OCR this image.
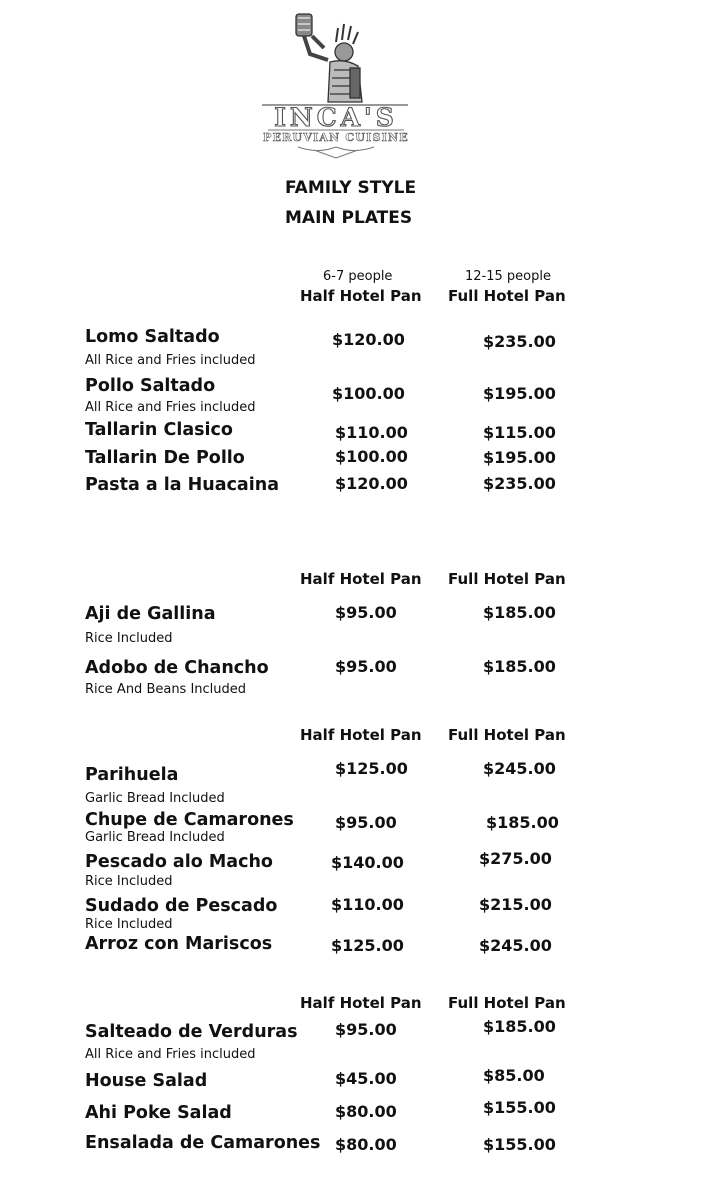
INCA'S
PERUVIAN CUISINE
FAMILY STYLE
MAIN PLATES
6-7 people	12-15 people
Half Hotel Pan Full Hotel Pan
Lomo Saltado
All Rice and Fries included
$120.00	$235.00
Pollo Saltado
All Rice and Fries included
$100.00	$195.00
Tallarin Clasico	$110.00	$115.00
Tallarin De Pollo	$100.00	$195.00
Pasta a la Huacaina	$120.00	$235.00
Half Hotel Pan Full Hotel Pan
Aji de Gallina
Rice Included
$95.00	$185.00
Adobo de Chancho
Rice And Beans Included
$95.00	$185.00
Half Hotel Pan Full Hotel Pan
Parihuela
Garlic Bread Included
$125.00	$245.00
Chupe de Camarones
Garlic Bread Included
$95.00	$185.00
Pescado alo Macho
Rice Included
$140.00	$275.00
Sudado de Pescado
Rice Included
$110.00	$215.00
Arroz con Mariscos	$125.00	$245.00
Half Hotel Pan Full Hotel Pan
Salteado de Verduras
All Rice and Fries included
$95.00	$185.00
House Salad	$45.00	$85.00
Ahi Poke Salad	$80.00	$155.00
Ensalada de Camarones $80.00	$155.00
